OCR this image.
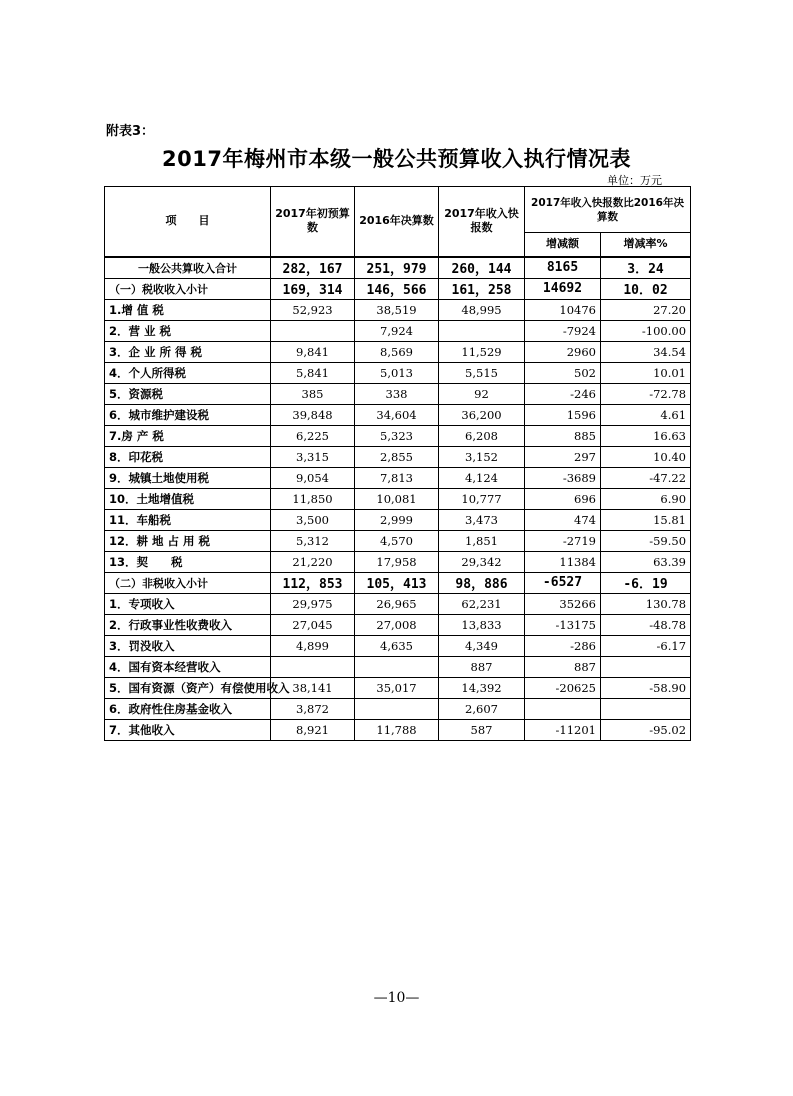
附表3：
2017年梅州市本级一般公共预算收入执行情况表
单位：万元
项　　目	2017年初预算数	2016年决算数	2017年收入快报数	2017年收入快报数比2016年决算数	
				增减额	增减率%
一般公共算收入合计	282，167	251，979	260，144	8165	3．24
（一）税收收入小计	169，314	146，566	161，258	14692	10．02
1.增 值 税	52,923	38,519	48,995	10476	27.20
2．营 业 税		7,924		-7924	-100.00
3．企 业 所 得 税	9,841	8,569	11,529	2960	34.54
4．个人所得税	5,841	5,013	5,515	502	10.01
5．资源税	385	338	92	-246	-72.78
6．城市维护建设税	39,848	34,604	36,200	1596	4.61
7.房 产 税	6,225	5,323	6,208	885	16.63
8．印花税	3,315	2,855	3,152	297	10.40
9．城镇土地使用税	9,054	7,813	4,124	-3689	-47.22
10．土地增值税	11,850	10,081	10,777	696	6.90
11．车船税	3,500	2,999	3,473	474	15.81
12．耕 地 占 用 税	5,312	4,570	1,851	-2719	-59.50
13．契　　税	21,220	17,958	29,342	11384	63.39
（二）非税收入小计	112，853	105，413	98，886	-6527	-6．19
1．专项收入	29,975	26,965	62,231	35266	130.78
2．行政事业性收费收入	27,045	27,008	13,833	-13175	-48.78
3．罚没收入	4,899	4,635	4,349	-286	-6.17
4．国有资本经营收入			887	887	
5．国有资源（资产）有偿使用收入	38,141	35,017	14,392	-20625	-58.90
6．政府性住房基金收入	3,872		2,607		
7．其他收入	8,921	11,788	587	-11201	-95.02
—10—
